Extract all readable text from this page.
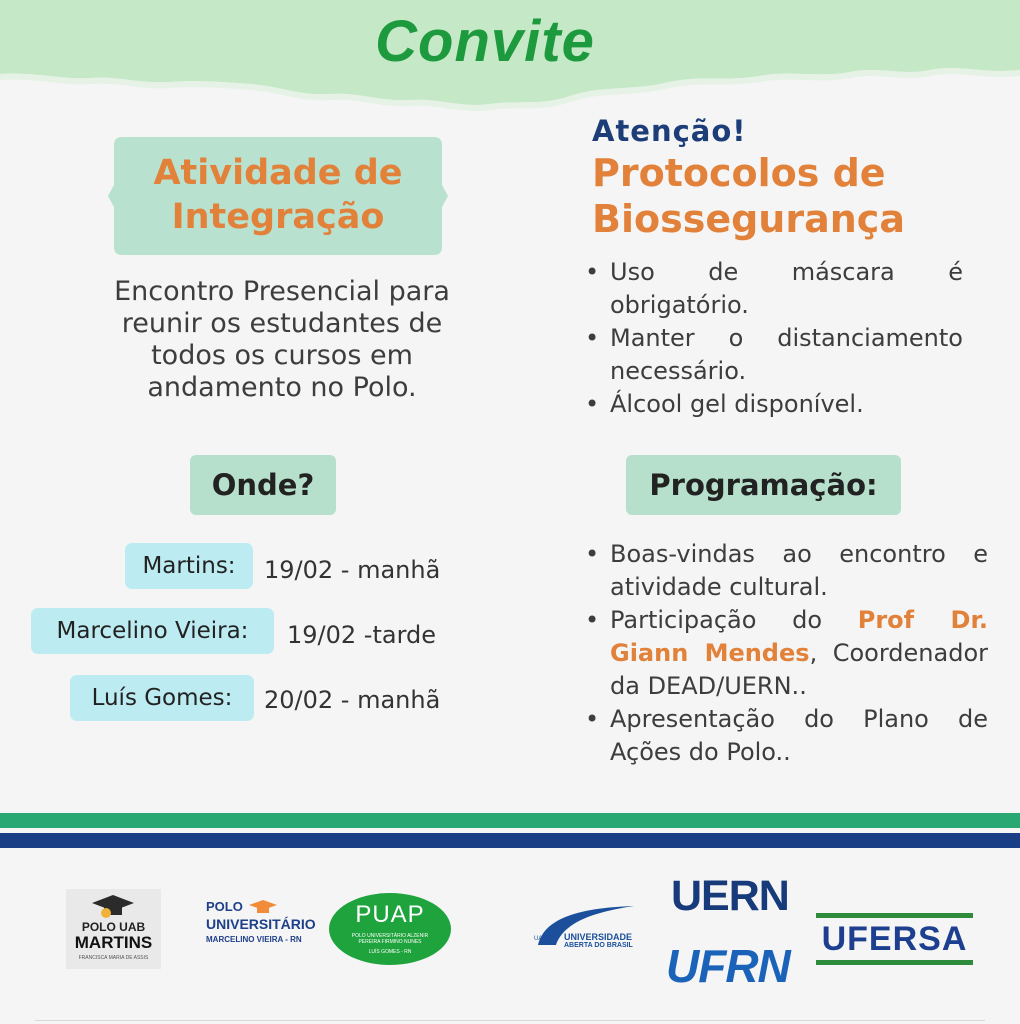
Convite
Atividade de
Integração
Encontro Presencial para reunir os estudantes de todos os cursos em andamento no Polo.
Atenção!
Protocolos de
Biossegurança
• Uso de máscara é obrigatório.
• Manter o distanciamento necessário.
• Álcool gel disponível.
Onde?
Martins:	19/02 - manhã
Marcelino Vieira:	19/02 -tarde
Luís Gomes:	20/02 - manhã
Programação:
• Boas-vindas ao encontro e atividade cultural.
• Participação do Prof Dr. Giann Mendes, Coordenador da DEAD/UERN..
• Apresentação do Plano de Ações do Polo..
POLO UAB
MARTINS
FRANCISCA MARIA DE ASSIS
POLO
UNIVERSITÁRIO
MARCELINO VIEIRA - RN
PUAP
POLO UNIVERSITÁRIO ALZENIR PEREIRA FIRMINO NUNES
LUÍS GOMES - RN
UAB UNIVERSIDADE
ABERTA DO BRASIL
UERN
UFRN
UFERSA
